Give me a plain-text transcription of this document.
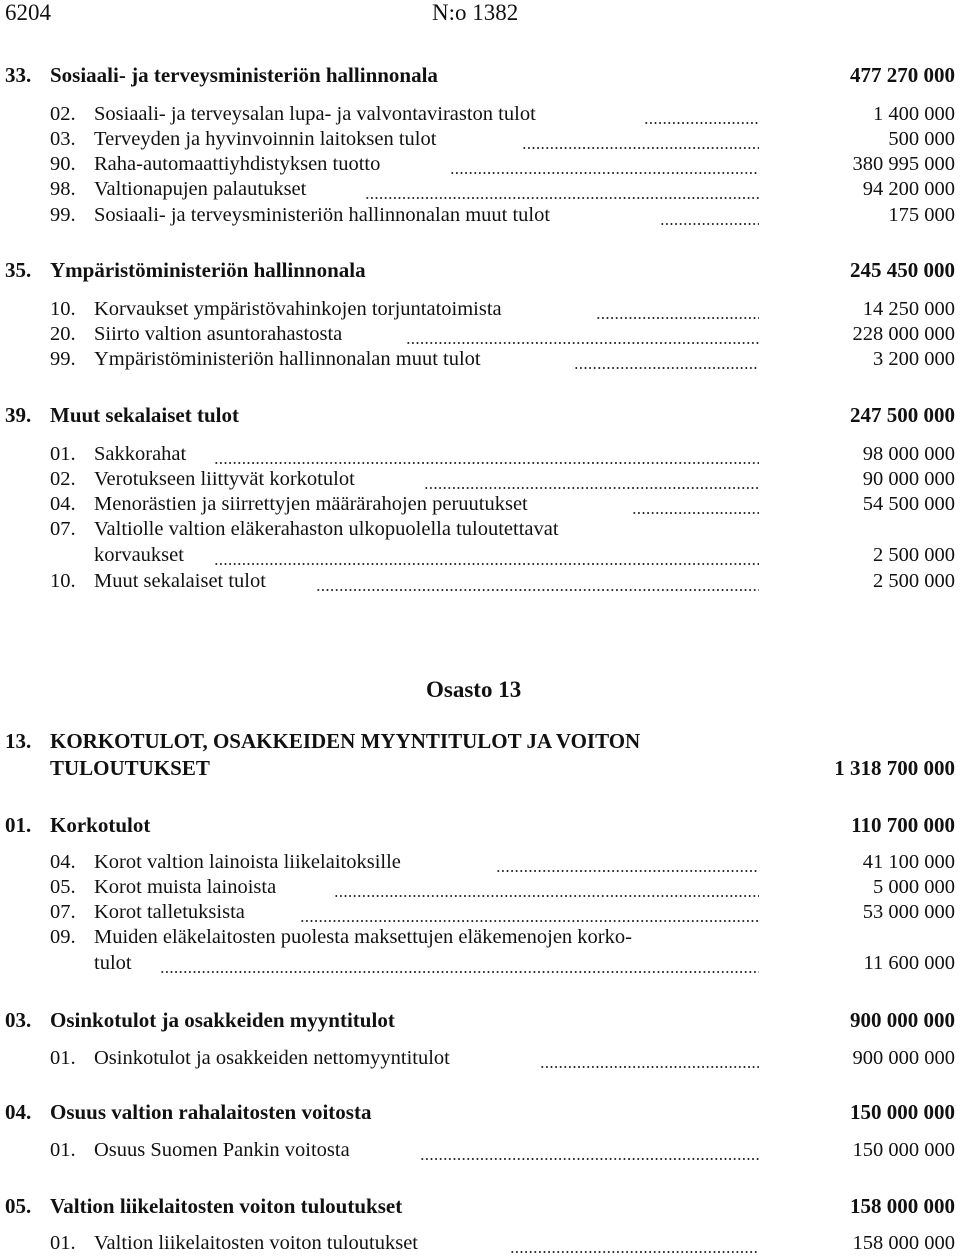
6204	N:o 1382
33. Sosiaali- ja terveysministeriön hallinnonala	477 270 000
02. Sosiaali- ja terveysalan lupa- ja valvontaviraston tulot	1 400 000
03. Terveyden ja hyvinvoinnin laitoksen tulot	500 000
90. Raha-automaattiyhdistyksen tuotto	380 995 000
98. Valtionapujen palautukset	94 200 000
99. Sosiaali- ja terveysministeriön hallinnonalan muut tulot	175 000
35. Ympäristöministeriön hallinnonala	245 450 000
10. Korvaukset ympäristövahinkojen torjuntatoimista	14 250 000
20. Siirto valtion asuntorahastosta	228 000 000
99. Ympäristöministeriön hallinnonalan muut tulot	3 200 000
39. Muut sekalaiset tulot	247 500 000
01. Sakkorahat	98 000 000
02. Verotukseen liittyvät korkotulot	90 000 000
04. Menorästien ja siirrettyjen määrärahojen peruutukset	54 500 000
07. Valtiolle valtion eläkerahaston ulkopuolella tuloutettavat
korvaukset	2 500 000
10. Muut sekalaiset tulot	2 500 000
Osasto 13
13. KORKOTULOT, OSAKKEIDEN MYYNTITULOT JA VOITON
TULOUTUKSET	1 318 700 000
01. Korkotulot	110 700 000
04. Korot valtion lainoista liikelaitoksille	41 100 000
05. Korot muista lainoista	5 000 000
07. Korot talletuksista	53 000 000
09. Muiden eläkelaitosten puolesta maksettujen eläkemenojen korko-
tulot	11 600 000
03. Osinkotulot ja osakkeiden myyntitulot	900 000 000
01. Osinkotulot ja osakkeiden nettomyyntitulot	900 000 000
04. Osuus valtion rahalaitosten voitosta	150 000 000
01. Osuus Suomen Pankin voitosta	150 000 000
05. Valtion liikelaitosten voiton tuloutukset	158 000 000
01. Valtion liikelaitosten voiton tuloutukset	158 000 000
